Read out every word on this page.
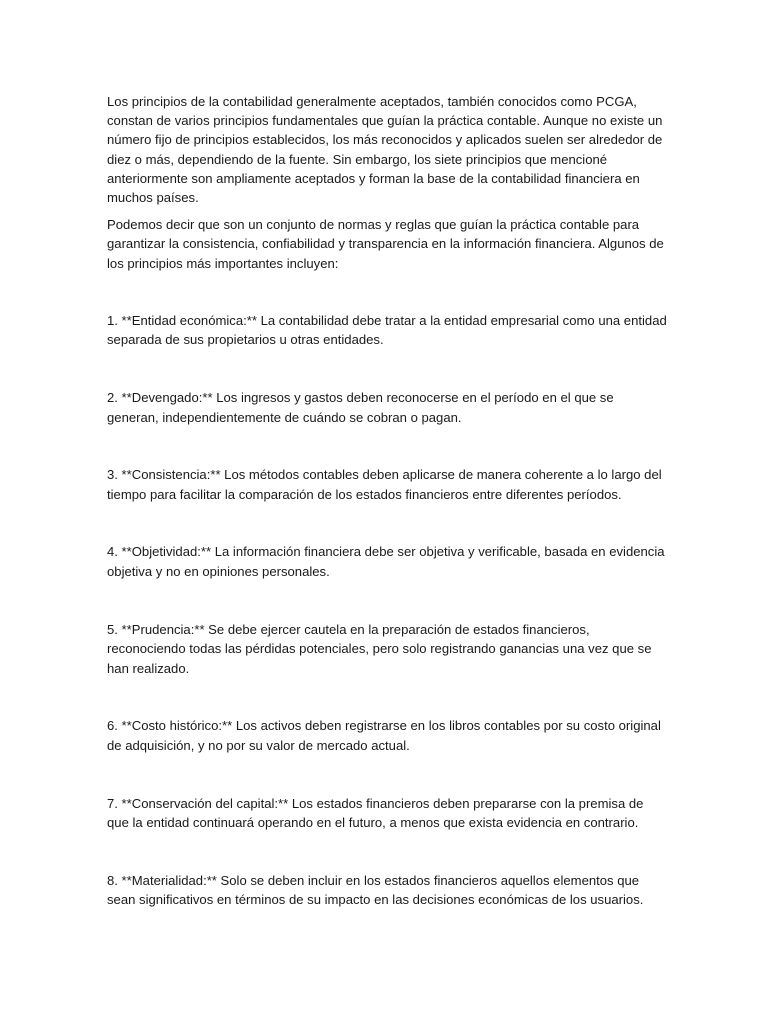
Los principios de la contabilidad generalmente aceptados, también conocidos como PCGA, constan de varios principios fundamentales que guían la práctica contable. Aunque no existe un número fijo de principios establecidos, los más reconocidos y aplicados suelen ser alrededor de diez o más, dependiendo de la fuente. Sin embargo, los siete principios que mencioné anteriormente son ampliamente aceptados y forman la base de la contabilidad financiera en muchos países.

Podemos decir que son un conjunto de normas y reglas que guían la práctica contable para garantizar la consistencia, confiabilidad y transparencia en la información financiera. Algunos de los principios más importantes incluyen:

1. **Entidad económica:** La contabilidad debe tratar a la entidad empresarial como una entidad separada de sus propietarios u otras entidades.

2. **Devengado:** Los ingresos y gastos deben reconocerse en el período en el que se generan, independientemente de cuándo se cobran o pagan.

3. **Consistencia:** Los métodos contables deben aplicarse de manera coherente a lo largo del tiempo para facilitar la comparación de los estados financieros entre diferentes períodos.

4. **Objetividad:** La información financiera debe ser objetiva y verificable, basada en evidencia objetiva y no en opiniones personales.

5. **Prudencia:** Se debe ejercer cautela en la preparación de estados financieros, reconociendo todas las pérdidas potenciales, pero solo registrando ganancias una vez que se han realizado.

6. **Costo histórico:** Los activos deben registrarse en los libros contables por su costo original de adquisición, y no por su valor de mercado actual.

7. **Conservación del capital:** Los estados financieros deben prepararse con la premisa de que la entidad continuará operando en el futuro, a menos que exista evidencia en contrario.

8. **Materialidad:** Solo se deben incluir en los estados financieros aquellos elementos que sean significativos en términos de su impacto en las decisiones económicas de los usuarios.
